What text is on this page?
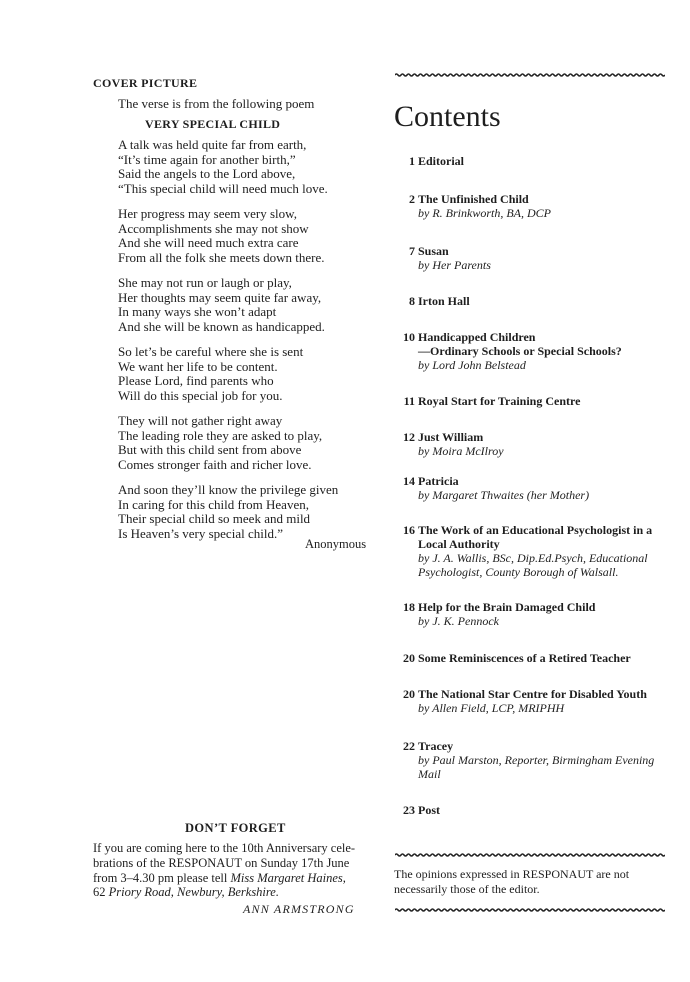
COVER PICTURE
The verse is from the following poem
VERY SPECIAL CHILD
A talk was held quite far from earth,
“It’s time again for another birth,”
Said the angels to the Lord above,
“This special child will need much love.
Her progress may seem very slow,
Accomplishments she may not show
And she will need much extra care
From all the folk she meets down there.
She may not run or laugh or play,
Her thoughts may seem quite far away,
In many ways she won’t adapt
And she will be known as handicapped.
So let’s be careful where she is sent
We want her life to be content.
Please Lord, find parents who
Will do this special job for you.
They will not gather right away
The leading role they are asked to play,
But with this child sent from above
Comes stronger faith and richer love.
And soon they’ll know the privilege given
In caring for this child from Heaven,
Their special child so meek and mild
Is Heaven’s very special child.”
Anonymous
DON’T FORGET
If you are coming here to the 10th Anniversary cele-
brations of the RESPONAUT on Sunday 17th June
from 3–4.30 pm please tell Miss Margaret Haines,
62 Priory Road, Newbury, Berkshire.
ANN ARMSTRONG
Contents
1 Editorial
2 The Unfinished Child
by R. Brinkworth, BA, DCP
7 Susan
by Her Parents
8 Irton Hall
10 Handicapped Children
—Ordinary Schools or Special Schools?
by Lord John Belstead
11 Royal Start for Training Centre
12 Just William
by Moira McIlroy
14 Patricia
by Margaret Thwaites (her Mother)
16 The Work of an Educational Psychologist in a
Local Authority
by J. A. Wallis, BSc, Dip.Ed.Psych, Educational
Psychologist, County Borough of Walsall.
18 Help for the Brain Damaged Child
by J. K. Pennock
20 Some Reminiscences of a Retired Teacher
20 The National Star Centre for Disabled Youth
by Allen Field, LCP, MRIPHH
22 Tracey
by Paul Marston, Reporter, Birmingham Evening
Mail
23 Post
The opinions expressed in RESPONAUT are not
necessarily those of the editor.
